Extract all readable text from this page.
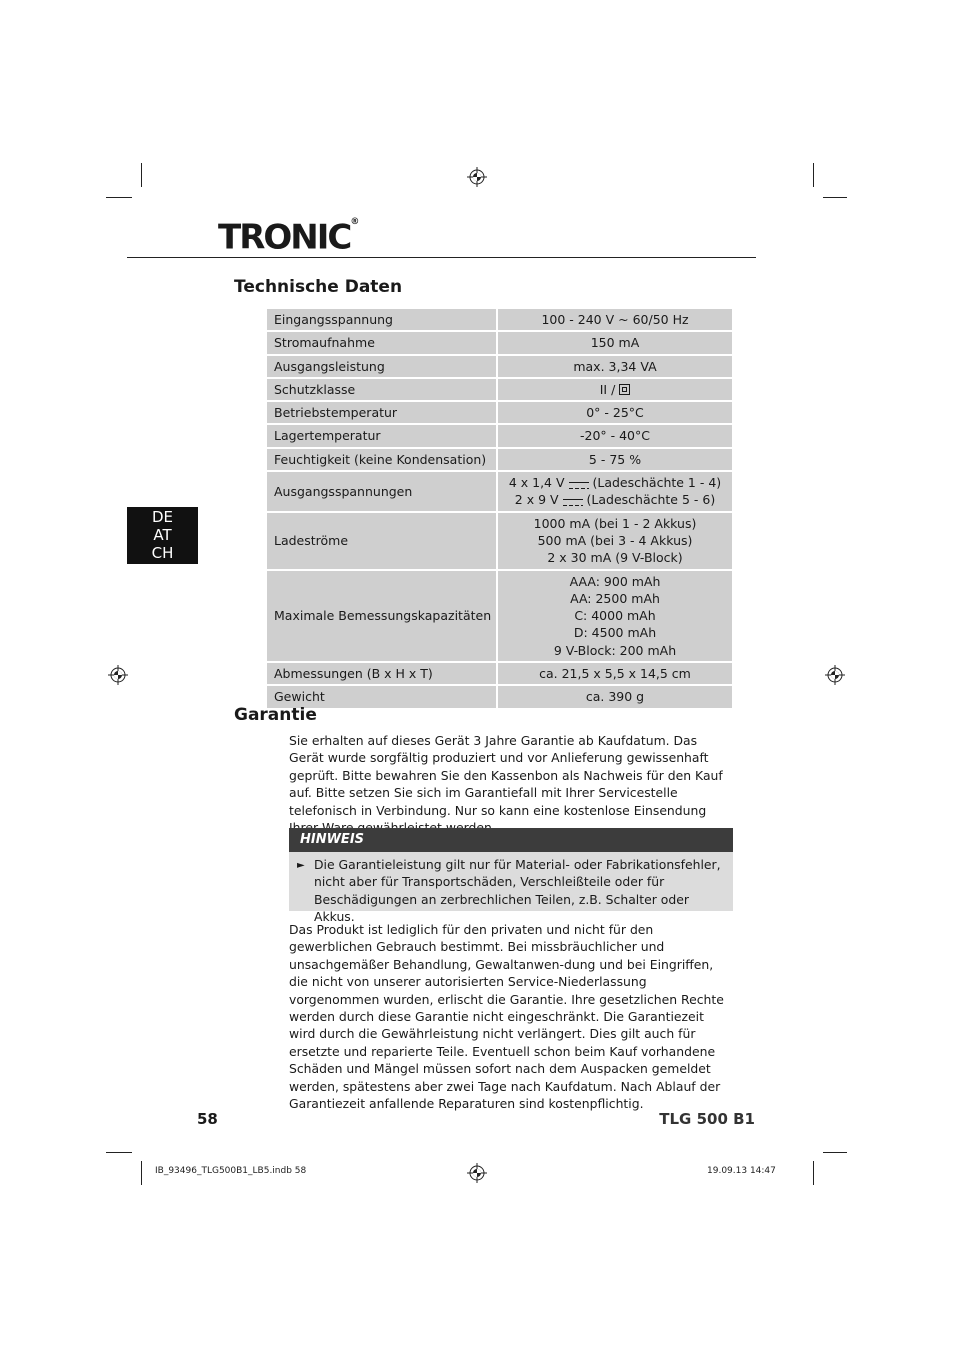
TRONIC®
DE
AT
CH
Technische Daten
Eingangsspannung	100 - 240 V ~ 60/50 Hz
Stromaufnahme	150 mA
Ausgangsleistung	max. 3,34 VA
Schutzklasse	II /
Betriebstemperatur	0° - 25°C
Lagertemperatur	-20° - 40°C
Feuchtigkeit (keine Kondensation)	5 - 75 %
Ausgangsspannungen	4 x 1,4 V (Ladeschächte 1 - 4)
2 x 9 V (Ladeschächte 5 - 6)

Ladeströme	1000 mA (bei 1 - 2 Akkus)
500 mA (bei 3 - 4 Akkus)
2 x 30 mA (9 V-Block)

Maximale Bemessungskapazitäten	AAA: 900 mAh
AA: 2500 mAh
C: 4000 mAh
D: 4500 mAh
9 V-Block: 200 mAh

Abmessungen (B x H x T)	ca. 21,5 x 5,5 x 14,5 cm
Gewicht	ca. 390 g
Garantie

Sie erhalten auf dieses Gerät 3 Jahre Garantie ab Kaufdatum. Das Gerät wurde sorgfältig produziert und vor Anlieferung gewissenhaft geprüft. Bitte bewahren Sie den Kassenbon als Nachweis für den Kauf auf. Bitte setzen Sie sich im Garantiefall mit Ihrer Servicestelle telefonisch in Verbindung. Nur so kann eine kostenlose Einsendung

HINWEIS
► Die Garantieleistung gilt nur für Material- oder Fabrikationsfehler, nicht aber für Transportschäden, Verschleißteile oder für Beschädigungen an zerbrechlichen Teilen, z.B. Schalter oder Akkus.

Das Produkt ist lediglich für den privaten und nicht für den gewerblichen Gebrauch bestimmt. Bei missbräuchlicher und unsachgemäßer Behandlung, Gewaltanwen-dung und bei Eingriffen, die nicht von unserer autorisierten Service-Niederlassung vorgenommen wurden, erlischt die Garantie. Ihre gesetzlichen Rechte werden durch diese Garantie nicht eingeschränkt. Die Garantiezeit wird durch die Gewährleistung nicht verlängert. Dies gilt auch für ersetzte und reparierte Teile. Eventuell schon beim Kauf vorhandene Schäden und Mängel müssen sofort nach dem Auspacken gemeldet werden, spätestens aber zwei Tage nach Kaufdatum. Nach Ablauf der Garantiezeit anfallende Reparaturen sind kostenpflichtig.

58	TLG 500 B1
IB_93496_TLG500B1_LB5.indb 58	19.09.13 14:47
